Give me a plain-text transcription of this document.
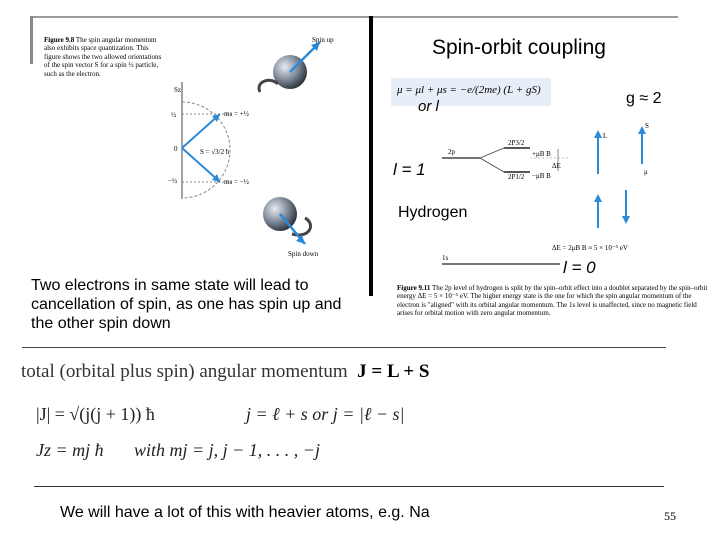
Spin-orbit coupling
μ = μl + μs = −e/(2me) (L + gS)
or l	g ≈ 2
l = 1
Hydrogen
l = 0
Two electrons in same state will lead to cancellation of spin, as one has spin up and the other spin down
Figure 9.8 The spin angular momentum also exhibits space quantization. This figure shows the two allowed orientations of the spin vector S for a spin ½ particle, such as the electron.
Spin up
Sz
½
0
−½
ms = +½
ms = −½
S = √3/2 ħ
Spin down
2p
2P3/2
2P1/2
+μB B
−μB B
ΔE
1s
L
S
μ
ΔE = 2μB B ≈ 5 × 10⁻⁵ eV
Figure 9.11 The 2p level of hydrogen is split by the spin–orbit effect into a doublet separated by the spin–orbit energy ΔE = 5 × 10⁻⁵ eV. The higher energy state is the one for which the spin angular momentum of the electron is "aligned" with its orbital angular momentum. The 1s level is unaffected, since no magnetic field arises for orbital motion with zero angular momentum.
total (orbital plus spin) angular momentum J = L + S
|J| = √(j(j + 1)) ħ	j = ℓ + s or j = |ℓ − s|
Jz = mj ħ with mj = j, j − 1, . . . , −j
We will have a lot of this with heavier atoms, e.g. Na	55
